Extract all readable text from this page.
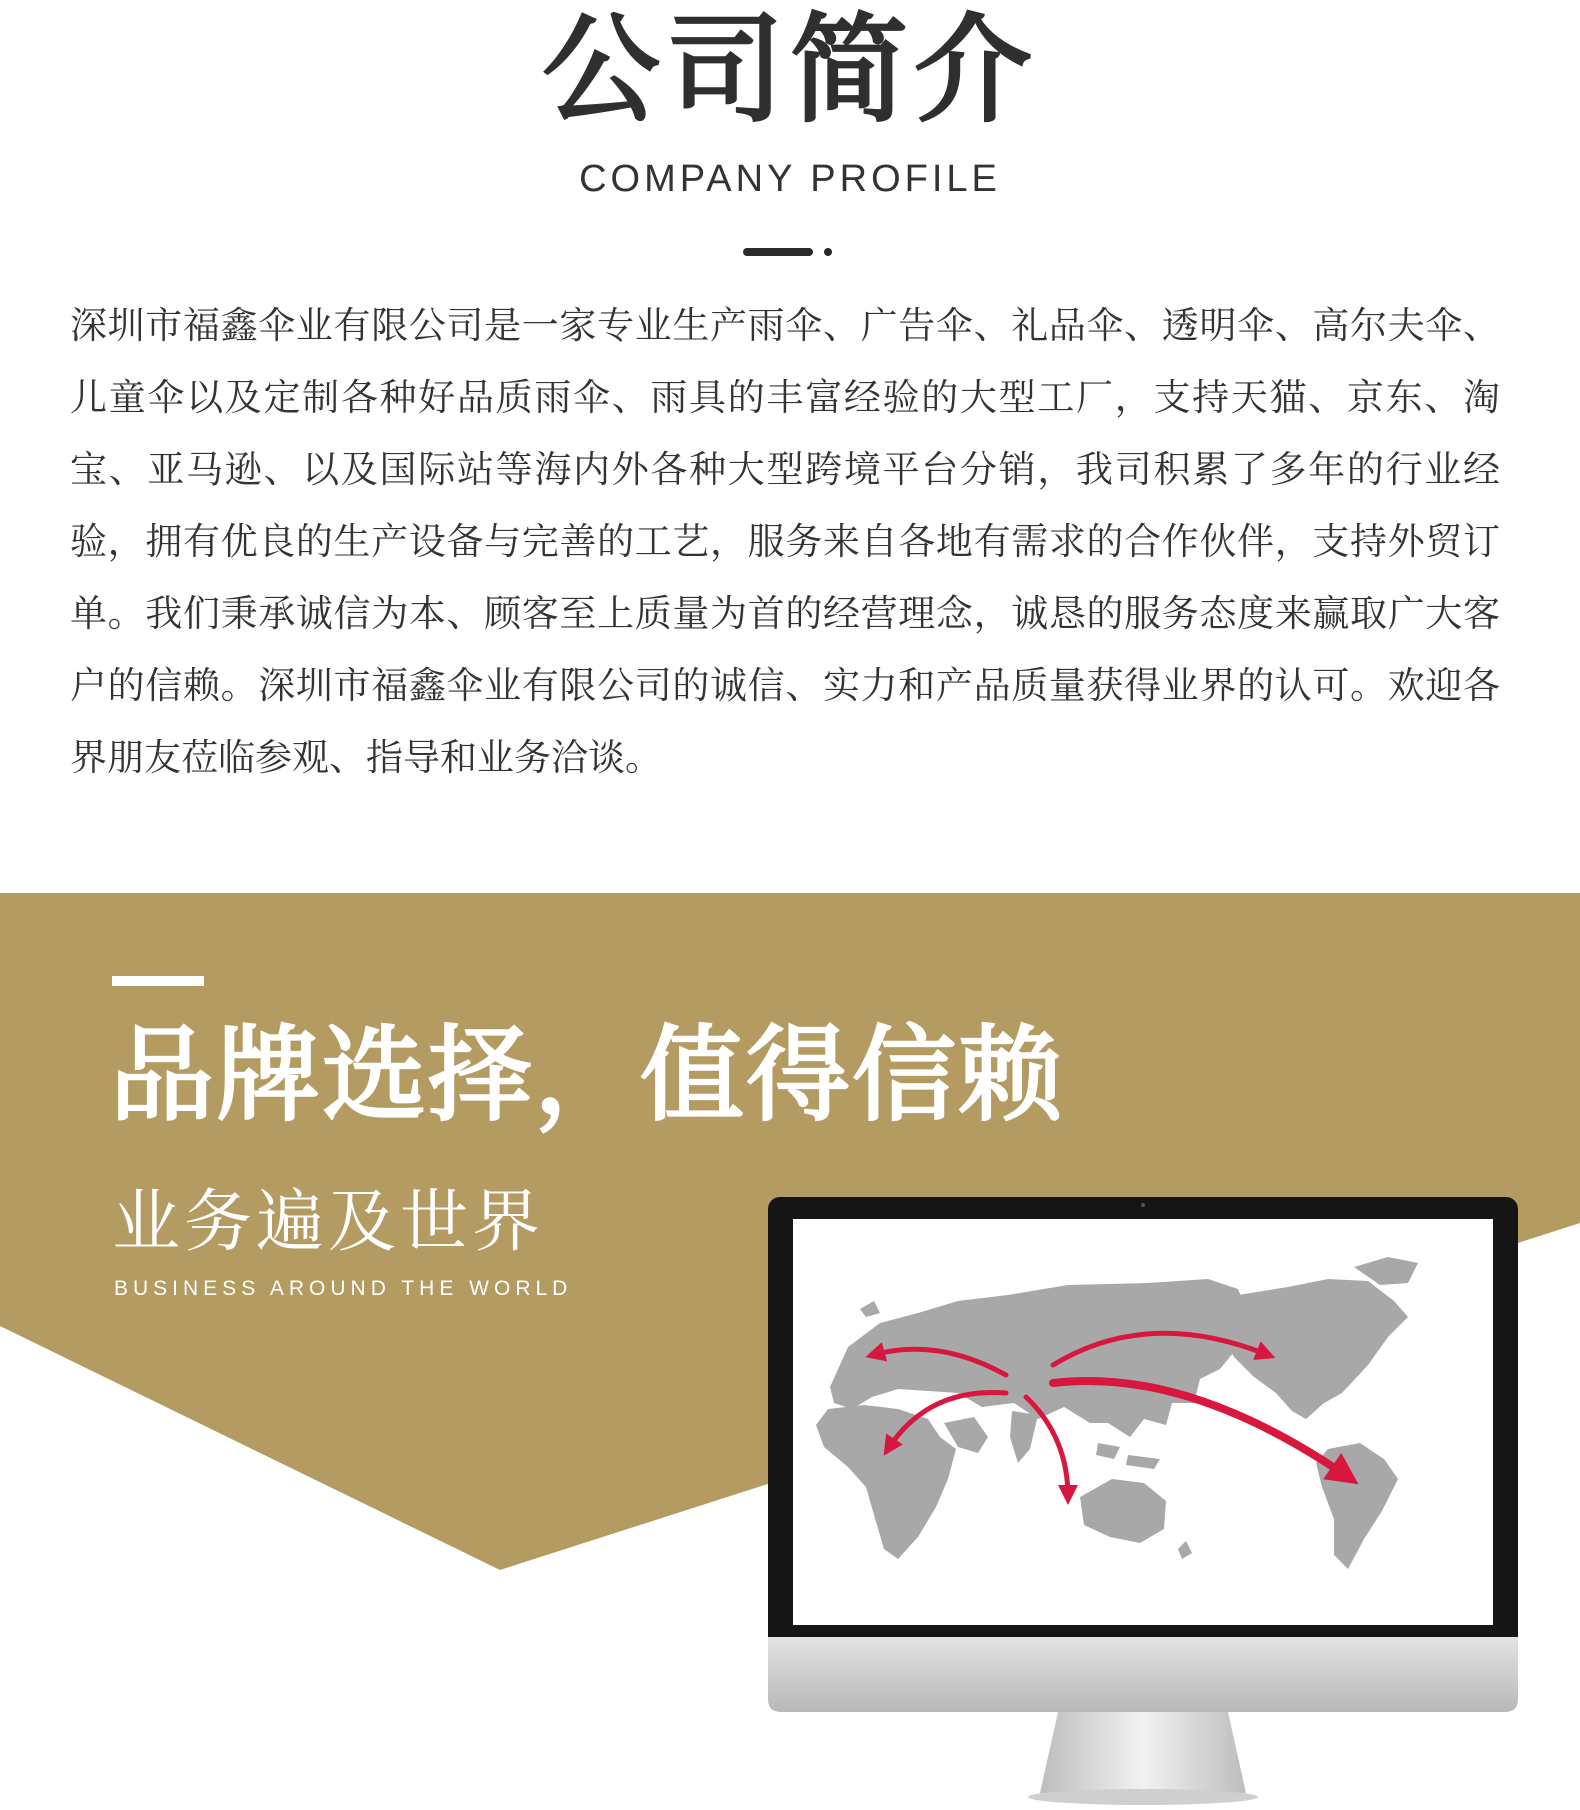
公司简介
COMPANY PROFILE

深圳市福鑫伞业有限公司是一家专业生产雨伞、广告伞、礼品伞、透明伞、高尔夫伞、儿童伞以及定制各种好品质雨伞、雨具的丰富经验的大型工厂，支持天猫、京东、淘宝、亚马逊、以及国际站等海内外各种大型跨境平台分销，我司积累了多年的行业经验，拥有优良的生产设备与完善的工艺，服务来自各地有需求的合作伙伴，支持外贸订单。我们秉承诚信为本、顾客至上质量为首的经营理念，诚恳的服务态度来赢取广大客户的信赖。深圳市福鑫伞业有限公司的诚信、实力和产品质量获得业界的认可。欢迎各界朋友莅临参观、指导和业务洽谈。

品牌选择，值得信赖
业务遍及世界
BUSINESS AROUND THE WORLD
